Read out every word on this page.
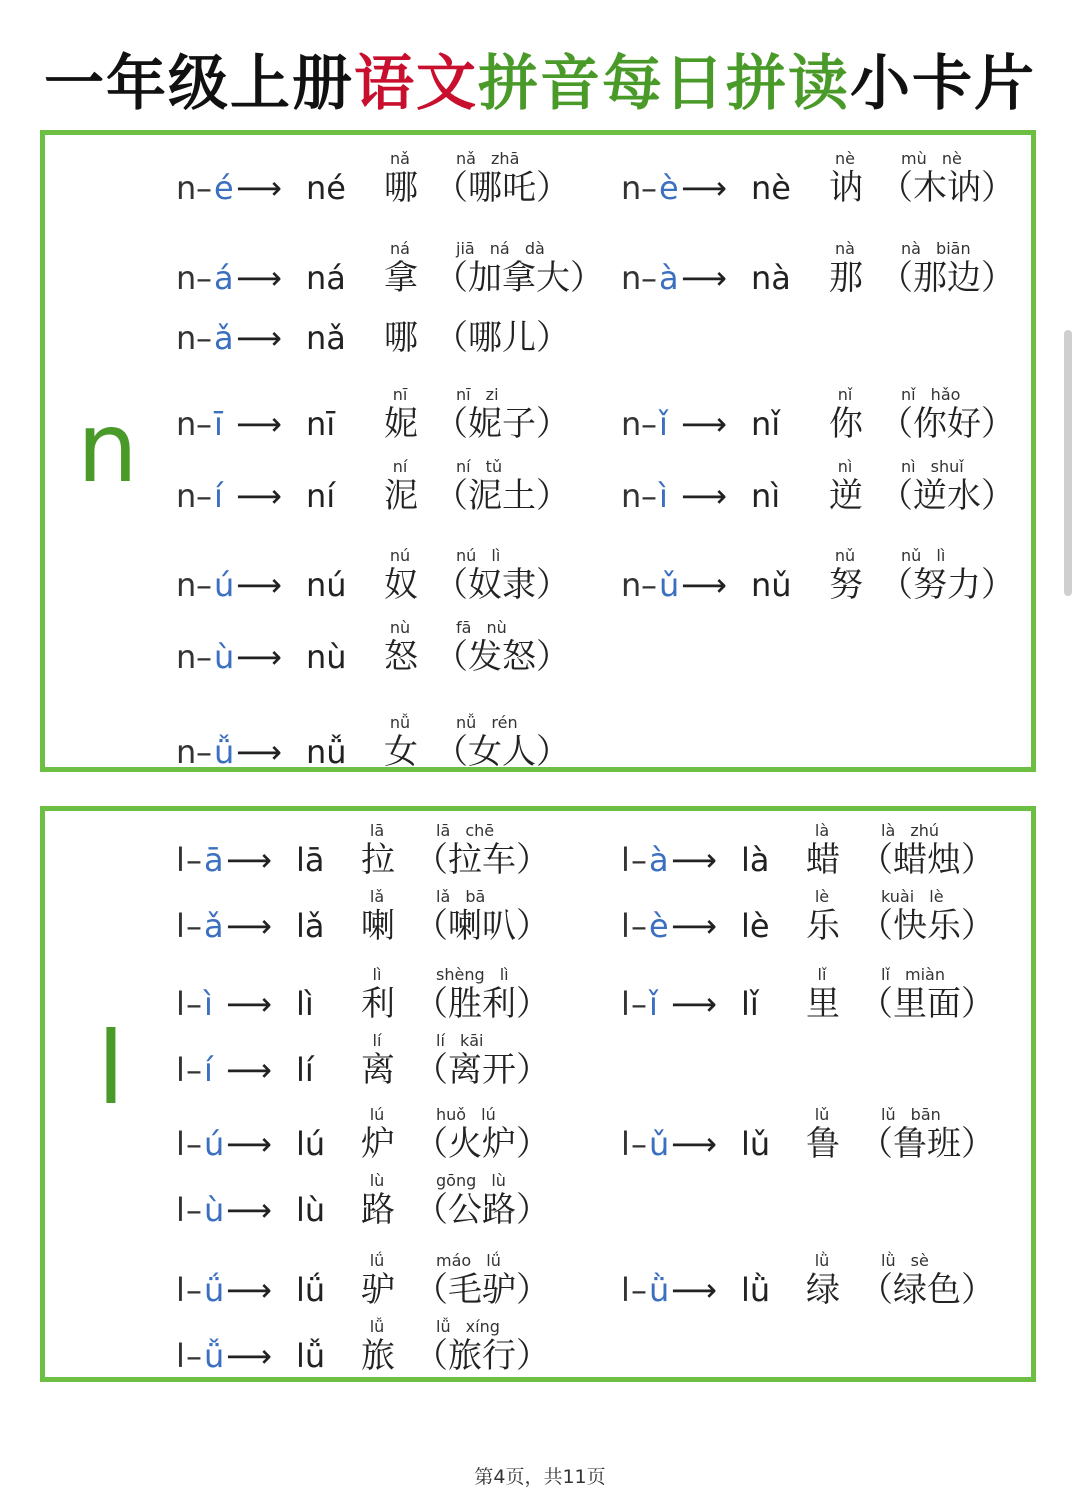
一年级上册语文拼音每日拼读小卡片
n
n – é ⟶ né
nǎ
哪
nǎ zhā
（哪吒） n – è ⟶ nè
nè
讷
mù nè
（木讷）
n – á ⟶ ná
ná
拿
jiā ná dà
（加拿大） n – à ⟶ nà
nà
那
nà biān
（那边）
n – ǎ ⟶ nǎ 哪 （哪儿）
n – ī ⟶ nī
nī
妮
nī zi
（妮子） n – ǐ ⟶ nǐ
nǐ
你
nǐ hǎo
（你好）
n – í ⟶ ní
ní
泥
ní tǔ
（泥土） n – ì ⟶ nì
nì
逆
nì shuǐ
（逆水）
n – ú ⟶ nú
nú
奴
nú lì
（奴隶） n – ǔ ⟶ nǔ
nǔ
努
nǔ lì
（努力）
n – ù ⟶ nù
nù
怒
fā nù
（发怒）
n – ǚ ⟶ nǚ
nǚ
女
nǚ rén
（女人）
l
l – ā ⟶ lā
lā
拉
lā chē
（拉车） l – à ⟶ là
là
蜡
là zhú
（蜡烛）
l – ǎ ⟶ lǎ
lǎ
喇
lǎ bā
（喇叭） l – è ⟶ lè
lè
乐
kuài lè
（快乐）
l – ì ⟶ lì
lì
利
shèng lì
（胜利） l – ǐ ⟶ lǐ
lǐ
里
lǐ miàn
（里面）
l – í ⟶ lí
lí
离
lí kāi
（离开）
l – ú ⟶ lú
lú
炉
huǒ lú
（火炉） l – ǔ ⟶ lǔ
lǔ
鲁
lǔ bān
（鲁班）
l – ù ⟶ lù
lù
路
gōng lù
（公路）
l – ǘ ⟶ lǘ
lǘ
驴
máo lǘ
（毛驴） l – ǜ ⟶ lǜ
lǜ
绿
lǜ sè
（绿色）
l – ǚ ⟶ lǚ
lǚ
旅
lǚ xíng
（旅行）
第4页，共11页
